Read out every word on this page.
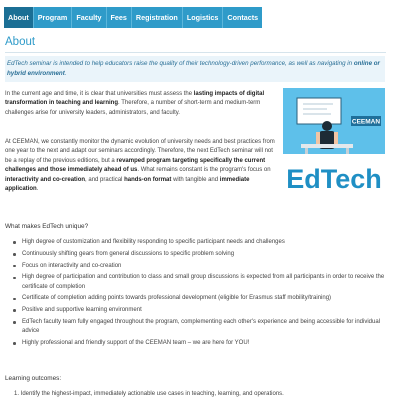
About	Program	Faculty	Fees	Registration	Logistics	Contacts
About
EdTech seminar is intended to help educators raise the quality of their technology-driven performance, as well as navigating in online or hybrid environment.

In the current age and time, it is clear that universities must assess the lasting impacts of digital transformation in teaching and learning. Therefore, a number of short-term and medium-term challenges arise for university leaders, administrators, and faculty.

At CEEMAN, we constantly monitor the dynamic evolution of university needs and best practices from one year to the next and adapt our seminars accordingly. Therefore, the next EdTech seminar will not be a replay of the previous editions, but a revamped program targeting specifically the current challenges and those immediately ahead of us. What remains constant is the program's focus on interactivity and co-creation, and practical hands-on format with tangible and immediate application.

CEEMAN
EdTech
What makes EdTech unique?
High degree of customization and flexibility responding to specific participant needs and challenges
Continuously shifting gears from general discussions to specific problem solving
Focus on interactivity and co-creation
High degree of participation and contribution to class and small group discussions is expected from all participants in order to receive the certificate of completion
Certificate of completion adding points towards professional development (eligible for Erasmus staff mobility/training)
Positive and supportive learning environment
EdTech faculty team fully engaged throughout the program, complementing each other's experience and being accessible for individual advice
Highly professional and friendly support of the CEEMAN team – we are here for YOU!
Learning outcomes:
1. Identify the highest-impact, immediately actionable use cases in teaching, learning, and operations.
